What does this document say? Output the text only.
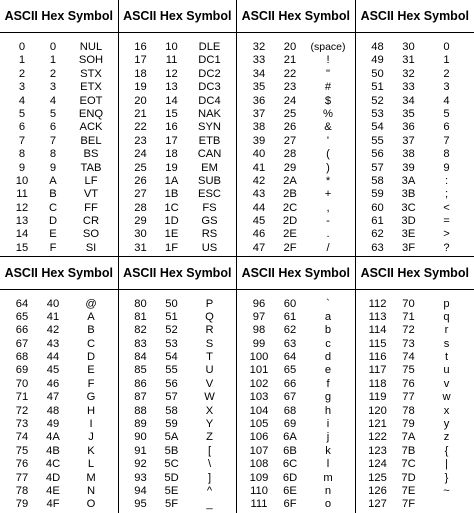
ASCII Hex Symbol
0	0	NUL
1	1	SOH
2	2	STX
3	3	ETX
4	4	EOT
5	5	ENQ
6	6	ACK
7	7	BEL
8	8	BS
9	9	TAB
10	A	LF
11	B	VT
12	C	FF
13	D	CR
14	E	SO
15	F	SI
ASCII Hex Symbol
16	10	DLE
17	11	DC1
18	12	DC2
19	13	DC3
20	14	DC4
21	15	NAK
22	16	SYN
23	17	ETB
24	18	CAN
25	19	EM
26	1A	SUB
27	1B	ESC
28	1C	FS
29	1D	GS
30	1E	RS
31	1F	US
ASCII Hex Symbol
32	20	(space)
33	21	!
34	22	"
35	23	#
36	24	$
37	25	%
38	26	&
39	27	'
40	28	(
41	29	)
42	2A	*
43	2B	+
44	2C	,
45	2D	-
46	2E	.
47	2F	/
ASCII Hex Symbol
48	30	0
49	31	1
50	32	2
51	33	3
52	34	4
53	35	5
54	36	6
55	37	7
56	38	8
57	39	9
58	3A	:
59	3B	;
60	3C	<
61	3D	=
62	3E	>
63	3F	?
ASCII Hex Symbol
64	40	@
65	41	A
66	42	B
67	43	C
68	44	D
69	45	E
70	46	F
71	47	G
72	48	H
73	49	I
74	4A	J
75	4B	K
76	4C	L
77	4D	M
78	4E	N
79	4F	O
ASCII Hex Symbol
80	50	P
81	51	Q
82	52	R
83	53	S
84	54	T
85	55	U
86	56	V
87	57	W
88	58	X
89	59	Y
90	5A	Z
91	5B	[
92	5C	\
93	5D	]
94	5E	^
95	5F	_
ASCII Hex Symbol
96	60	`
97	61	a
98	62	b
99	63	c
100	64	d
101	65	e
102	66	f
103	67	g
104	68	h
105	69	i
106	6A	j
107	6B	k
108	6C	l
109	6D	m
110	6E	n
111	6F	o
ASCII Hex Symbol
112	70	p
113	71	q
114	72	r
115	73	s
116	74	t
117	75	u
118	76	v
119	77	w
120	78	x
121	79	y
122	7A	z
123	7B	{
124	7C	|
125	7D	}
126	7E	~
127	7F
